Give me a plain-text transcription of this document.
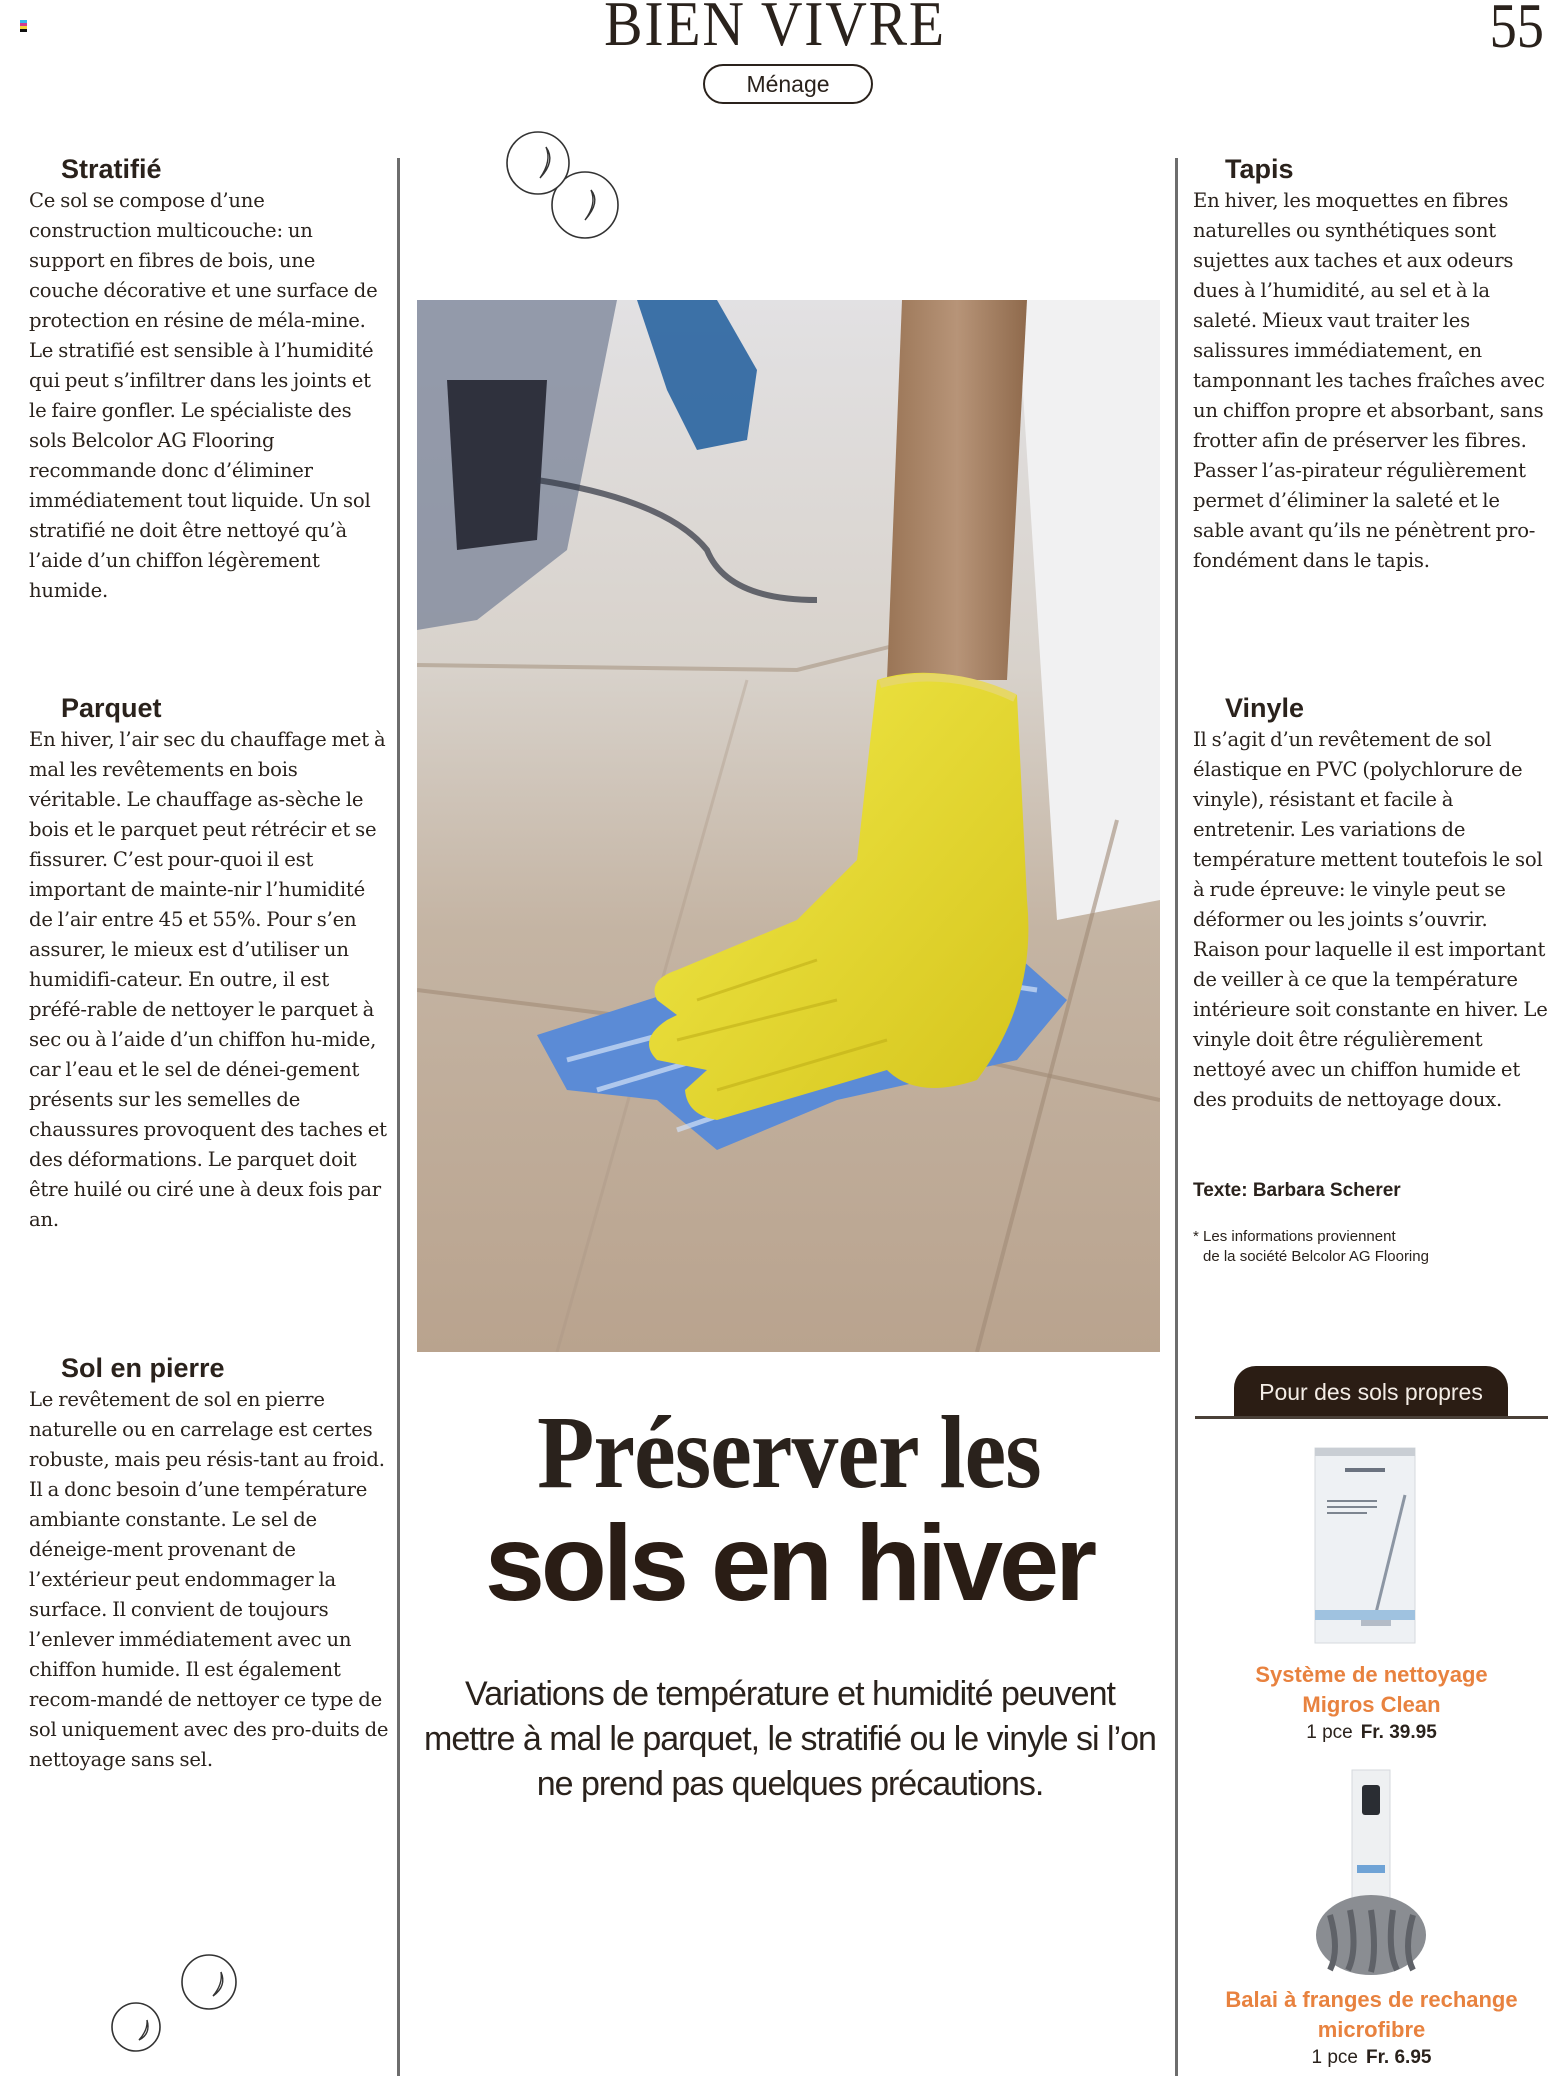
BIEN VIVRE	55
Ménage
Stratifié

Ce sol se compose d’une construction multicouche: un support en fibres de bois, une couche décorative et une surface de protection en résine de méla-mine. Le stratifié est sensible à l’humidité qui peut s’infiltrer dans les joints et le faire gonfler. Le spécialiste des sols Belcolor AG Flooring recommande donc d’éliminer immédiatement tout liquide. Un sol stratifié ne doit être nettoyé qu’à l’aide d’un chiffon légèrement humide.

Parquet

En hiver, l’air sec du chauffage met à mal les revêtements en bois véritable. Le chauffage as-sèche le bois et le parquet peut rétrécir et se fissurer. C’est pour-quoi il est important de mainte-nir l’humidité de l’air entre 45 et 55%. Pour s’en assurer, le mieux est d’utiliser un humidifi-cateur. En outre, il est préfé-rable de nettoyer le parquet à sec ou à l’aide d’un chiffon hu-mide, car l’eau et le sel de dénei-gement présents sur les semelles de chaussures provoquent des taches et des déformations. Le parquet doit être huilé ou ciré une à deux fois par an.

Sol en pierre

Le revêtement de sol en pierre naturelle ou en carrelage est certes robuste, mais peu résis-tant au froid. Il a donc besoin d’une température ambiante constante. Le sel de déneige-ment provenant de l’extérieur peut endommager la surface. Il convient de toujours l’enlever immédiatement avec un chiffon humide. Il est également recom-mandé de nettoyer ce type de sol uniquement avec des pro-duits de nettoyage sans sel.

Tapis

En hiver, les moquettes en fibres naturelles ou synthétiques sont sujettes aux taches et aux odeurs dues à l’humidité, au sel et à la saleté. Mieux vaut traiter les salissures immédiatement, en tamponnant les taches fraîches avec un chiffon propre et absorbant, sans frotter afin de préserver les fibres. Passer l’as-pirateur régulièrement permet d’éliminer la saleté et le sable avant qu’ils ne pénètrent pro-fondément dans le tapis.

Vinyle

Il s’agit d’un revêtement de sol élastique en PVC (polychlorure de vinyle), résistant et facile à entretenir. Les variations de température mettent toutefois le sol à rude épreuve: le vinyle peut se déformer ou les joints s’ouvrir. Raison pour laquelle il est important de veiller à ce que la température intérieure soit constante en hiver. Le vinyle doit être régulièrement nettoyé avec un chiffon humide et des produits de nettoyage doux.

Texte: Barbara Scherer
* Les informations proviennent
de la société Belcolor AG Flooring
Préserver les
sols en hiver

Variations de température et humidité peuvent mettre à mal le parquet, le stratifié ou le vinyle si l’on ne prend pas quelques précautions.

Pour des sols propres
Système de nettoyage
Migros Clean
1 pce Fr. 39.95
Balai à franges de rechange
microfibre
1 pce Fr. 6.95
